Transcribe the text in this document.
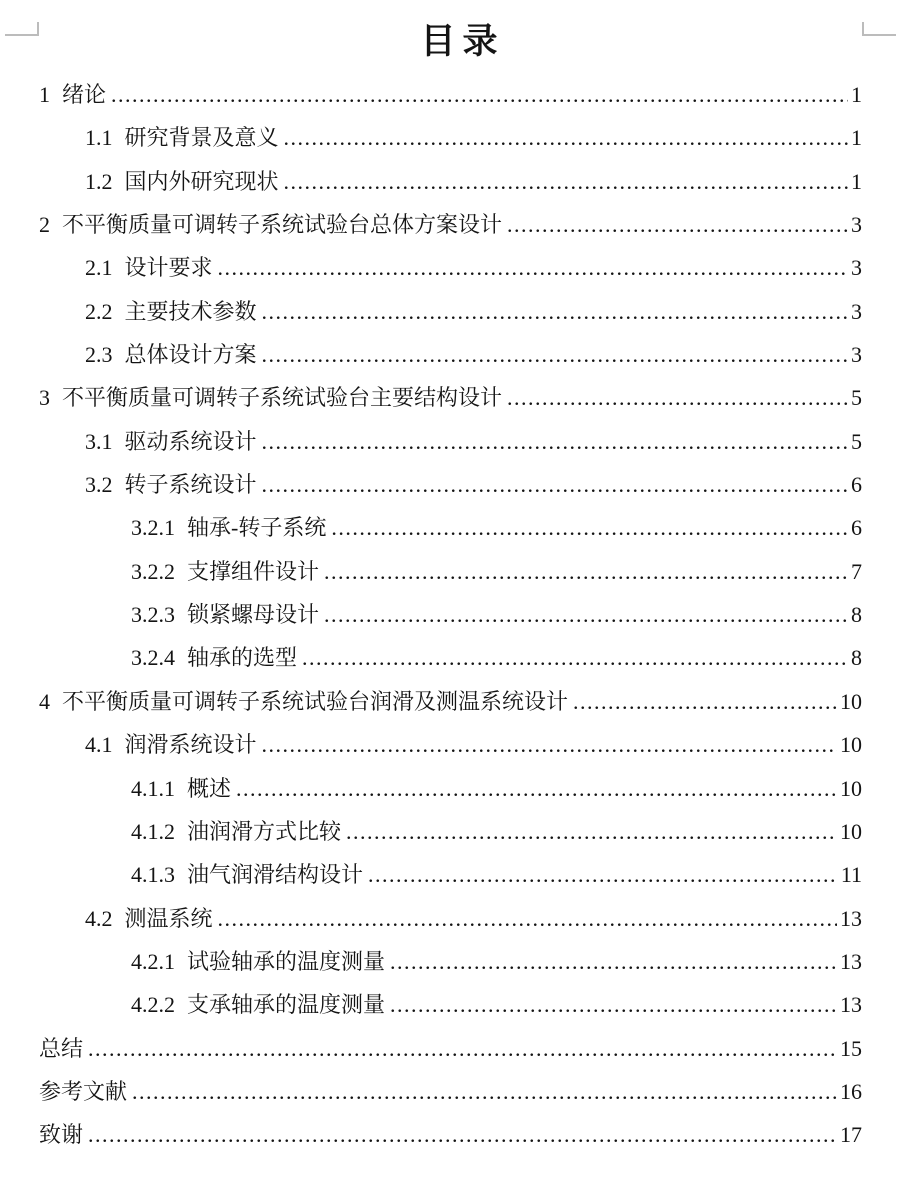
目录
1 绪论 .....	1
1.1 研究背景及意义 .....	1
1.2 国内外研究现状 .....	1
2 不平衡质量可调转子系统试验台总体方案设计 .....	3
2.1 设计要求 .....	3
2.2 主要技术参数 .....	3
2.3 总体设计方案 .....	3
3 不平衡质量可调转子系统试验台主要结构设计 .....	5
3.1 驱动系统设计 .....	5
3.2 转子系统设计 .....	6
3.2.1 轴承-转子系统 .....	6
3.2.2 支撑组件设计 .....	7
3.2.3 锁紧螺母设计 .....	8
3.2.4 轴承的选型 .....	8
4 不平衡质量可调转子系统试验台润滑及测温系统设计 .....	10
4.1 润滑系统设计 .....	10
4.1.1 概述 .....	10
4.1.2 油润滑方式比较 .....	10
4.1.3 油气润滑结构设计 .....	11
4.2 测温系统 .....	13
4.2.1 试验轴承的温度测量 .....	13
4.2.2 支承轴承的温度测量 .....	13
总结 .....	15
参考文献 .....	16
致谢 .....	17
